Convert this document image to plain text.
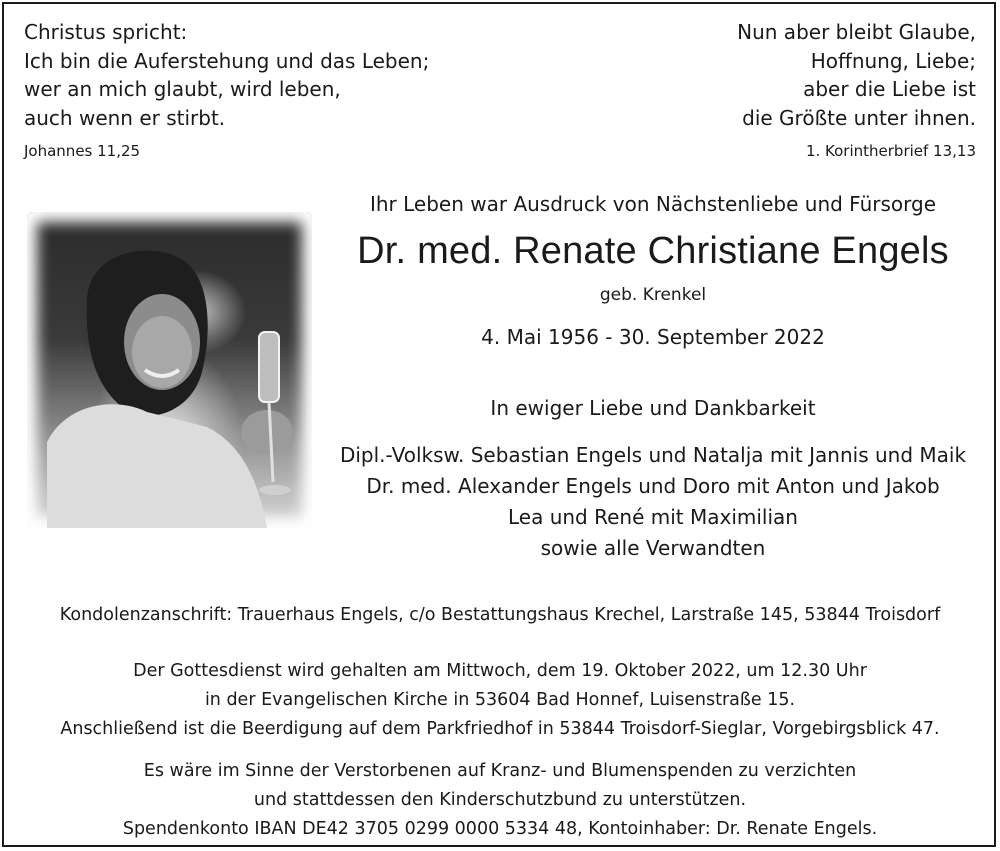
Christus spricht:
Ich bin die Auferstehung und das Leben;
wer an mich glaubt, wird leben,
auch wenn er stirbt.
Johannes 11,25
Nun aber bleibt Glaube,
Hoffnung, Liebe;
aber die Liebe ist
die Größte unter ihnen.
1. Korintherbrief 13,13
Ihr Leben war Ausdruck von Nächstenliebe und Fürsorge
Dr. med. Renate Christiane Engels
geb. Krenkel
4. Mai 1956 - 30. September 2022
In ewiger Liebe und Dankbarkeit
Dipl.-Volksw. Sebastian Engels und Natalja mit Jannis und Maik
Dr. med. Alexander Engels und Doro mit Anton und Jakob
Lea und René mit Maximilian
sowie alle Verwandten
Kondolenzanschrift: Trauerhaus Engels, c/o Bestattungshaus Krechel, Larstraße 145, 53844 Troisdorf
Der Gottesdienst wird gehalten am Mittwoch, dem 19. Oktober 2022, um 12.30 Uhr
in der Evangelischen Kirche in 53604 Bad Honnef, Luisenstraße 15.
Anschließend ist die Beerdigung auf dem Parkfriedhof in 53844 Troisdorf-Sieglar, Vorgebirgsblick 47.
Es wäre im Sinne der Verstorbenen auf Kranz- und Blumenspenden zu verzichten
und stattdessen den Kinderschutzbund zu unterstützen.
Spendenkonto IBAN DE42 3705 0299 0000 5334 48, Kontoinhaber: Dr. Renate Engels.
